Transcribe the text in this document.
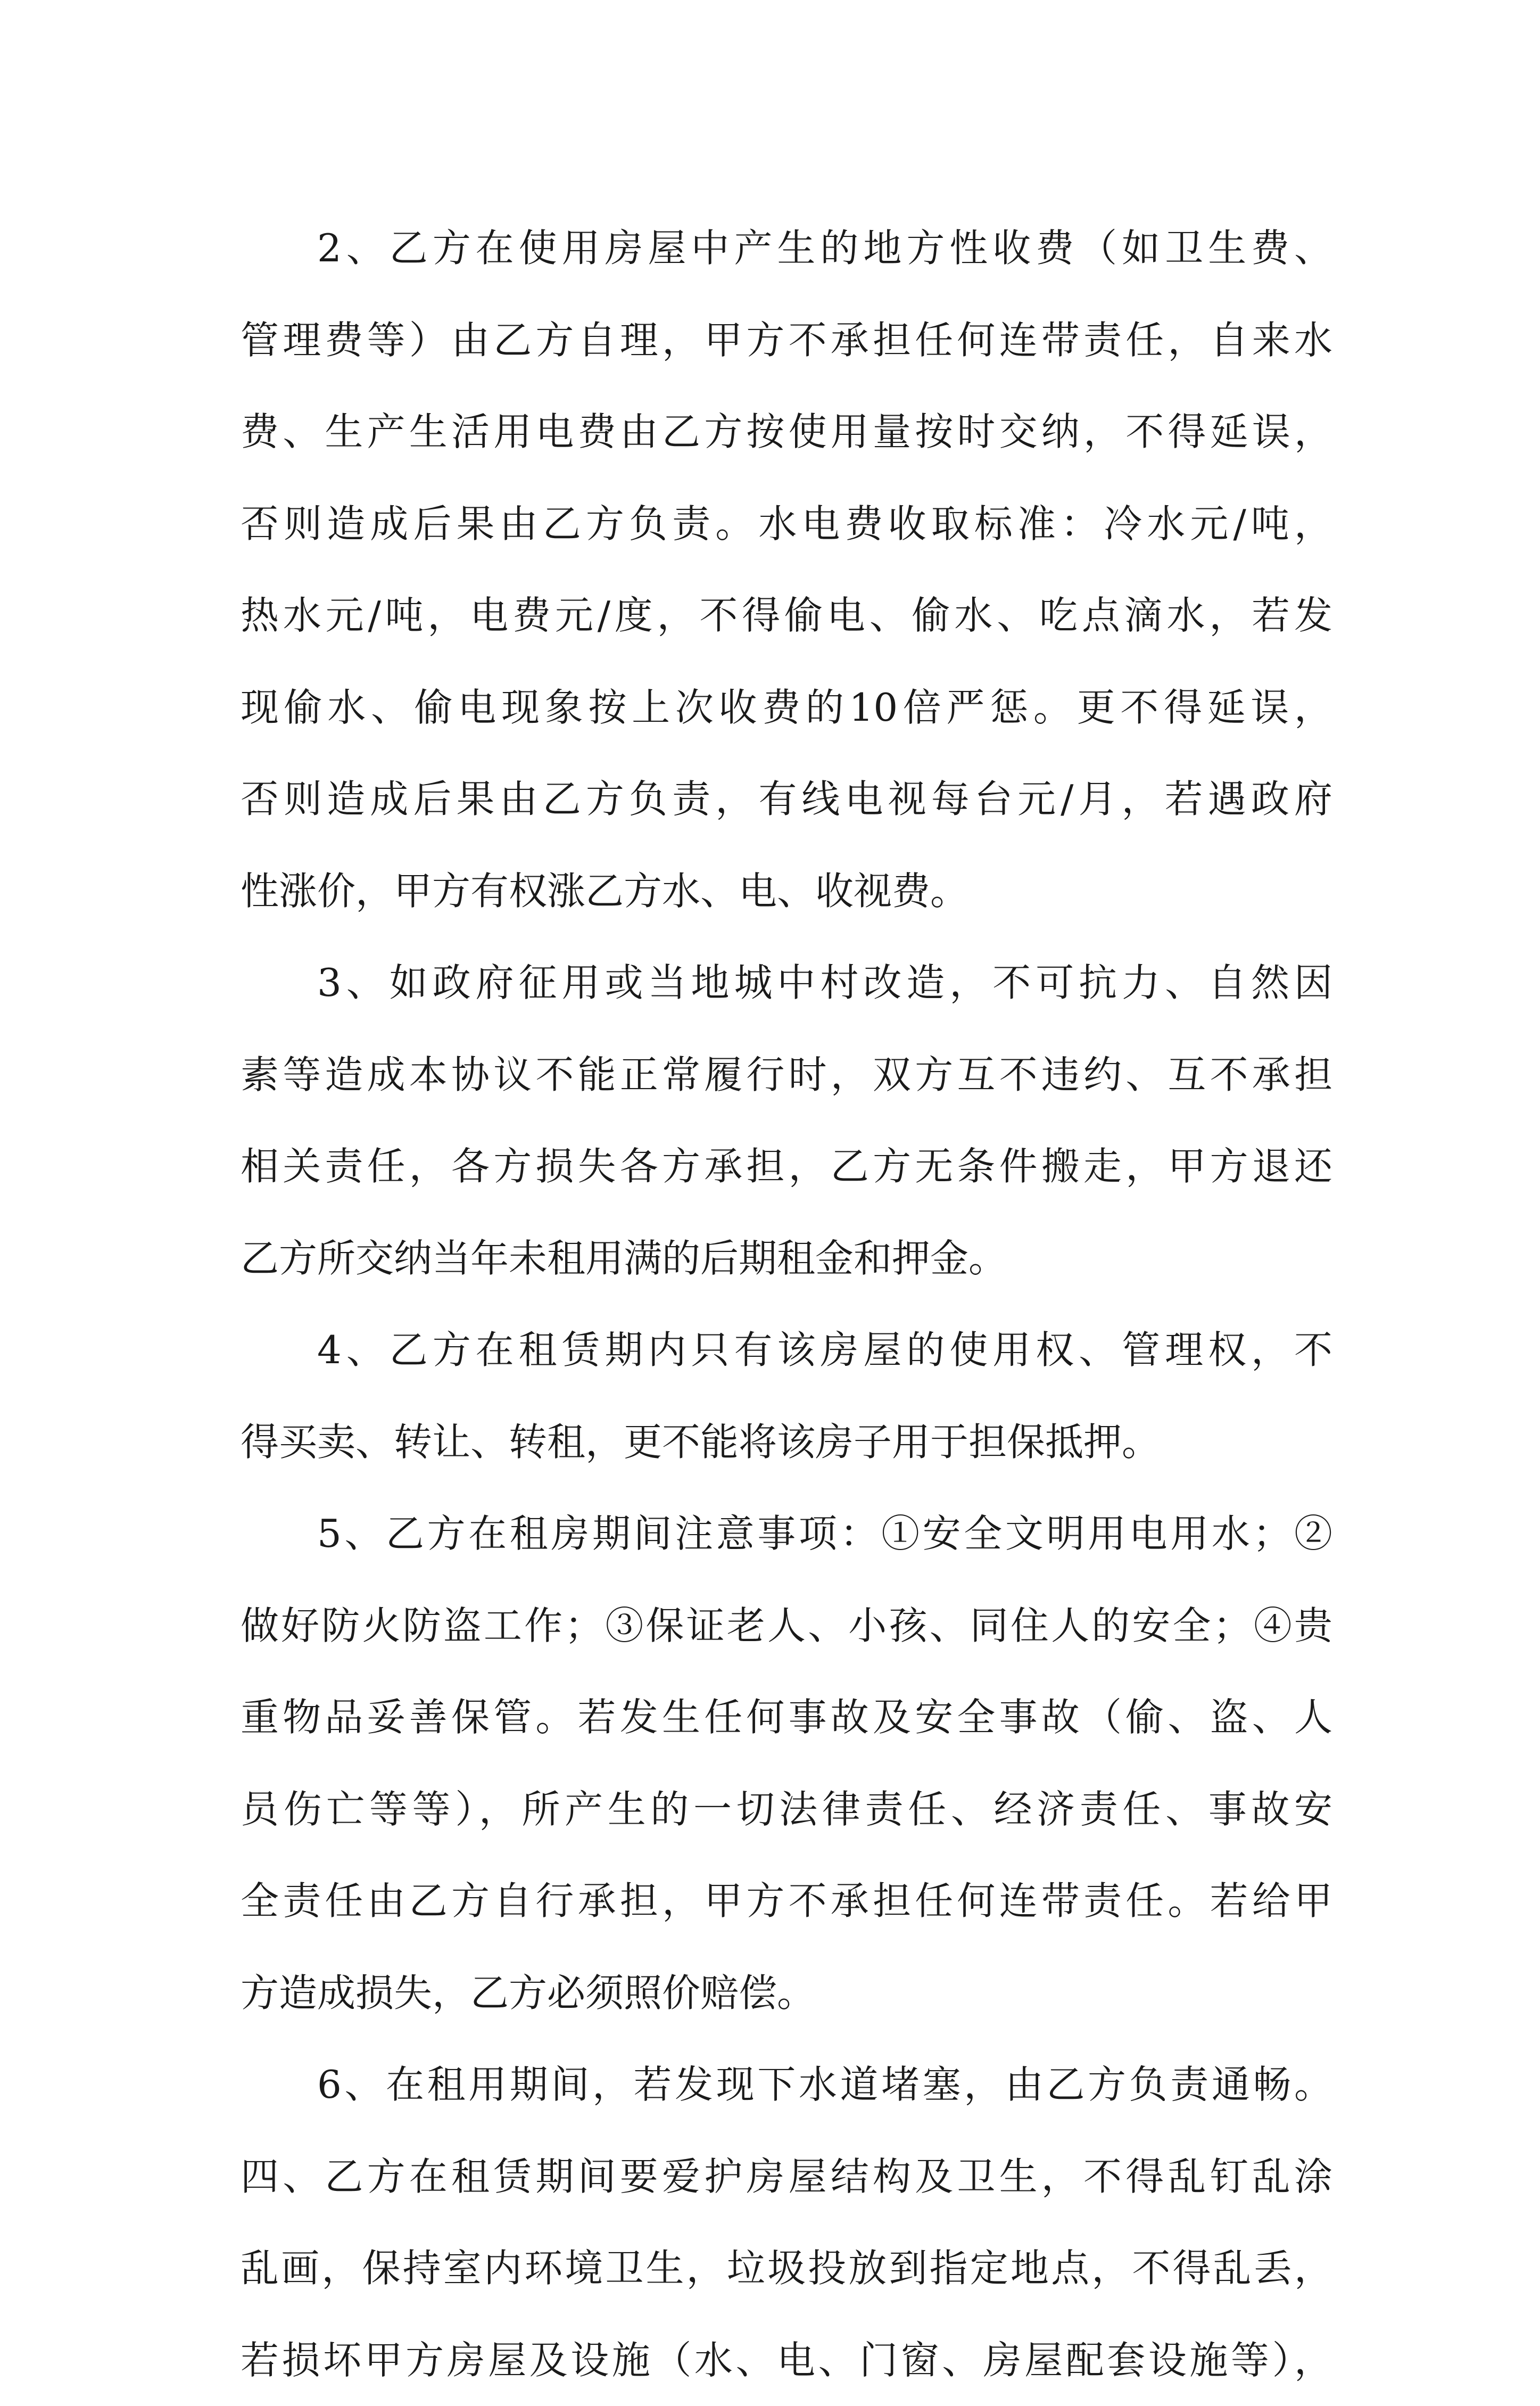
2、乙方在使用房屋中产生的地方性收费（如卫生费、
管理费等）由乙方自理，甲方不承担任何连带责任，自来水
费、生产生活用电费由乙方按使用量按时交纳，不得延误，
否则造成后果由乙方负责。水电费收取标准：冷水元/吨，
热水元/吨，电费元/度，不得偷电、偷水、吃点滴水，若发
现偷水、偷电现象按上次收费的10倍严惩。更不得延误，
否则造成后果由乙方负责，有线电视每台元/月，若遇政府
性涨价，甲方有权涨乙方水、电、收视费。
3、如政府征用或当地城中村改造，不可抗力、自然因
素等造成本协议不能正常履行时，双方互不违约、互不承担
相关责任，各方损失各方承担，乙方无条件搬走，甲方退还
乙方所交纳当年未租用满的后期租金和押金。
4、乙方在租赁期内只有该房屋的使用权、管理权，不
得买卖、转让、转租，更不能将该房子用于担保抵押。
5、乙方在租房期间注意事项：①安全文明用电用水；②
做好防火防盗工作；③保证老人、小孩、同住人的安全；④贵
重物品妥善保管。若发生任何事故及安全事故（偷、盗、人
员伤亡等等），所产生的一切法律责任、经济责任、事故安
全责任由乙方自行承担，甲方不承担任何连带责任。若给甲
方造成损失，乙方必须照价赔偿。
6、在租用期间，若发现下水道堵塞，由乙方负责通畅。
四、乙方在租赁期间要爱护房屋结构及卫生，不得乱钉乱涂
乱画，保持室内环境卫生，垃圾投放到指定地点，不得乱丢，
若损坏甲方房屋及设施（水、电、门窗、房屋配套设施等），
